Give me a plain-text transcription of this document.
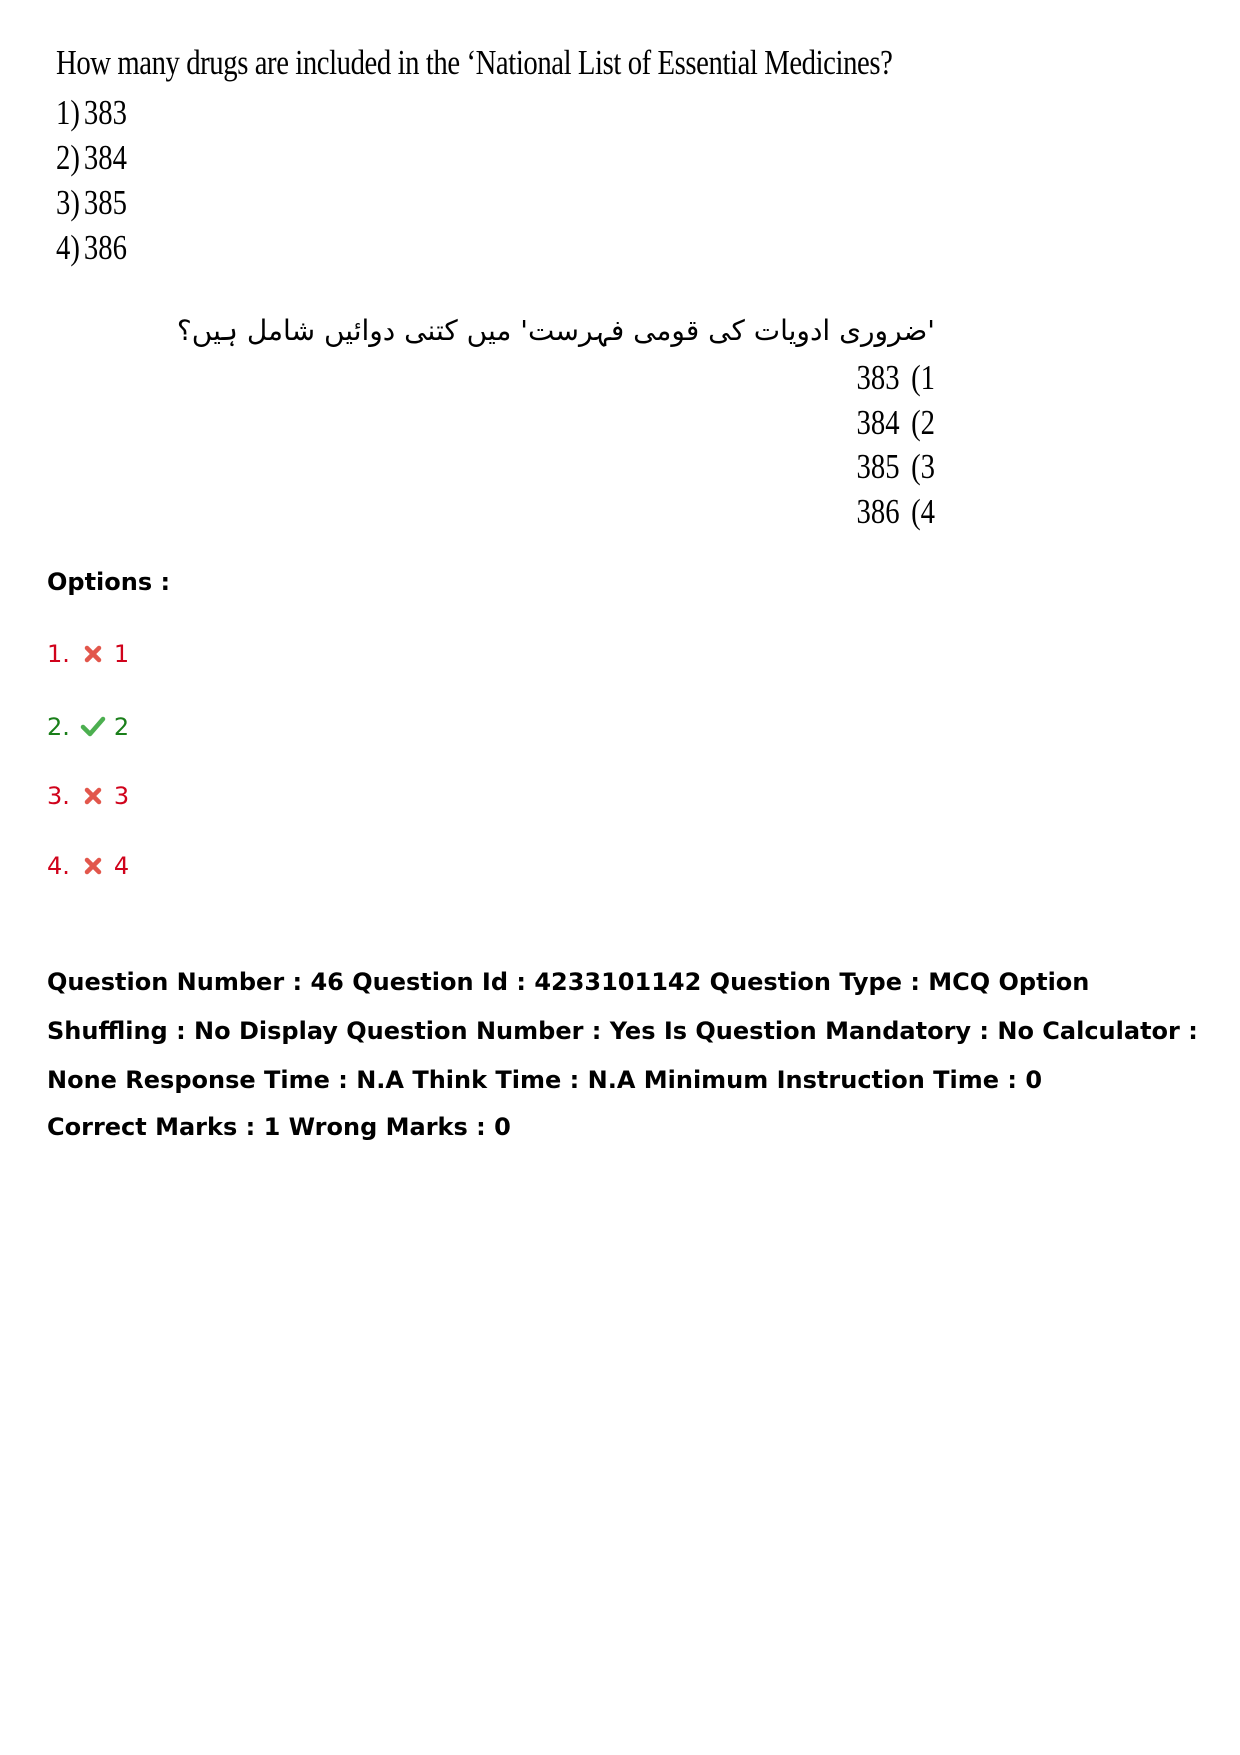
How many drugs are included in the ‘National List of Essential Medicines?
1) 383
2) 384
3) 385
4) 386
'ضروری ادویات کی قومی فہرست' میں کتنی دوائیں شامل ہیں؟
383 (1
384 (2
385 (3
386 (4
Options :
1. 1
2. 2
3. 3
4. 4
Question Number : 46 Question Id : 4233101142 Question Type : MCQ Option Shuffling : No Display Question Number : Yes Is Question Mandatory : No Calculator : None Response Time : N.A Think Time : N.A Minimum Instruction Time : 0
Correct Marks : 1 Wrong Marks : 0
